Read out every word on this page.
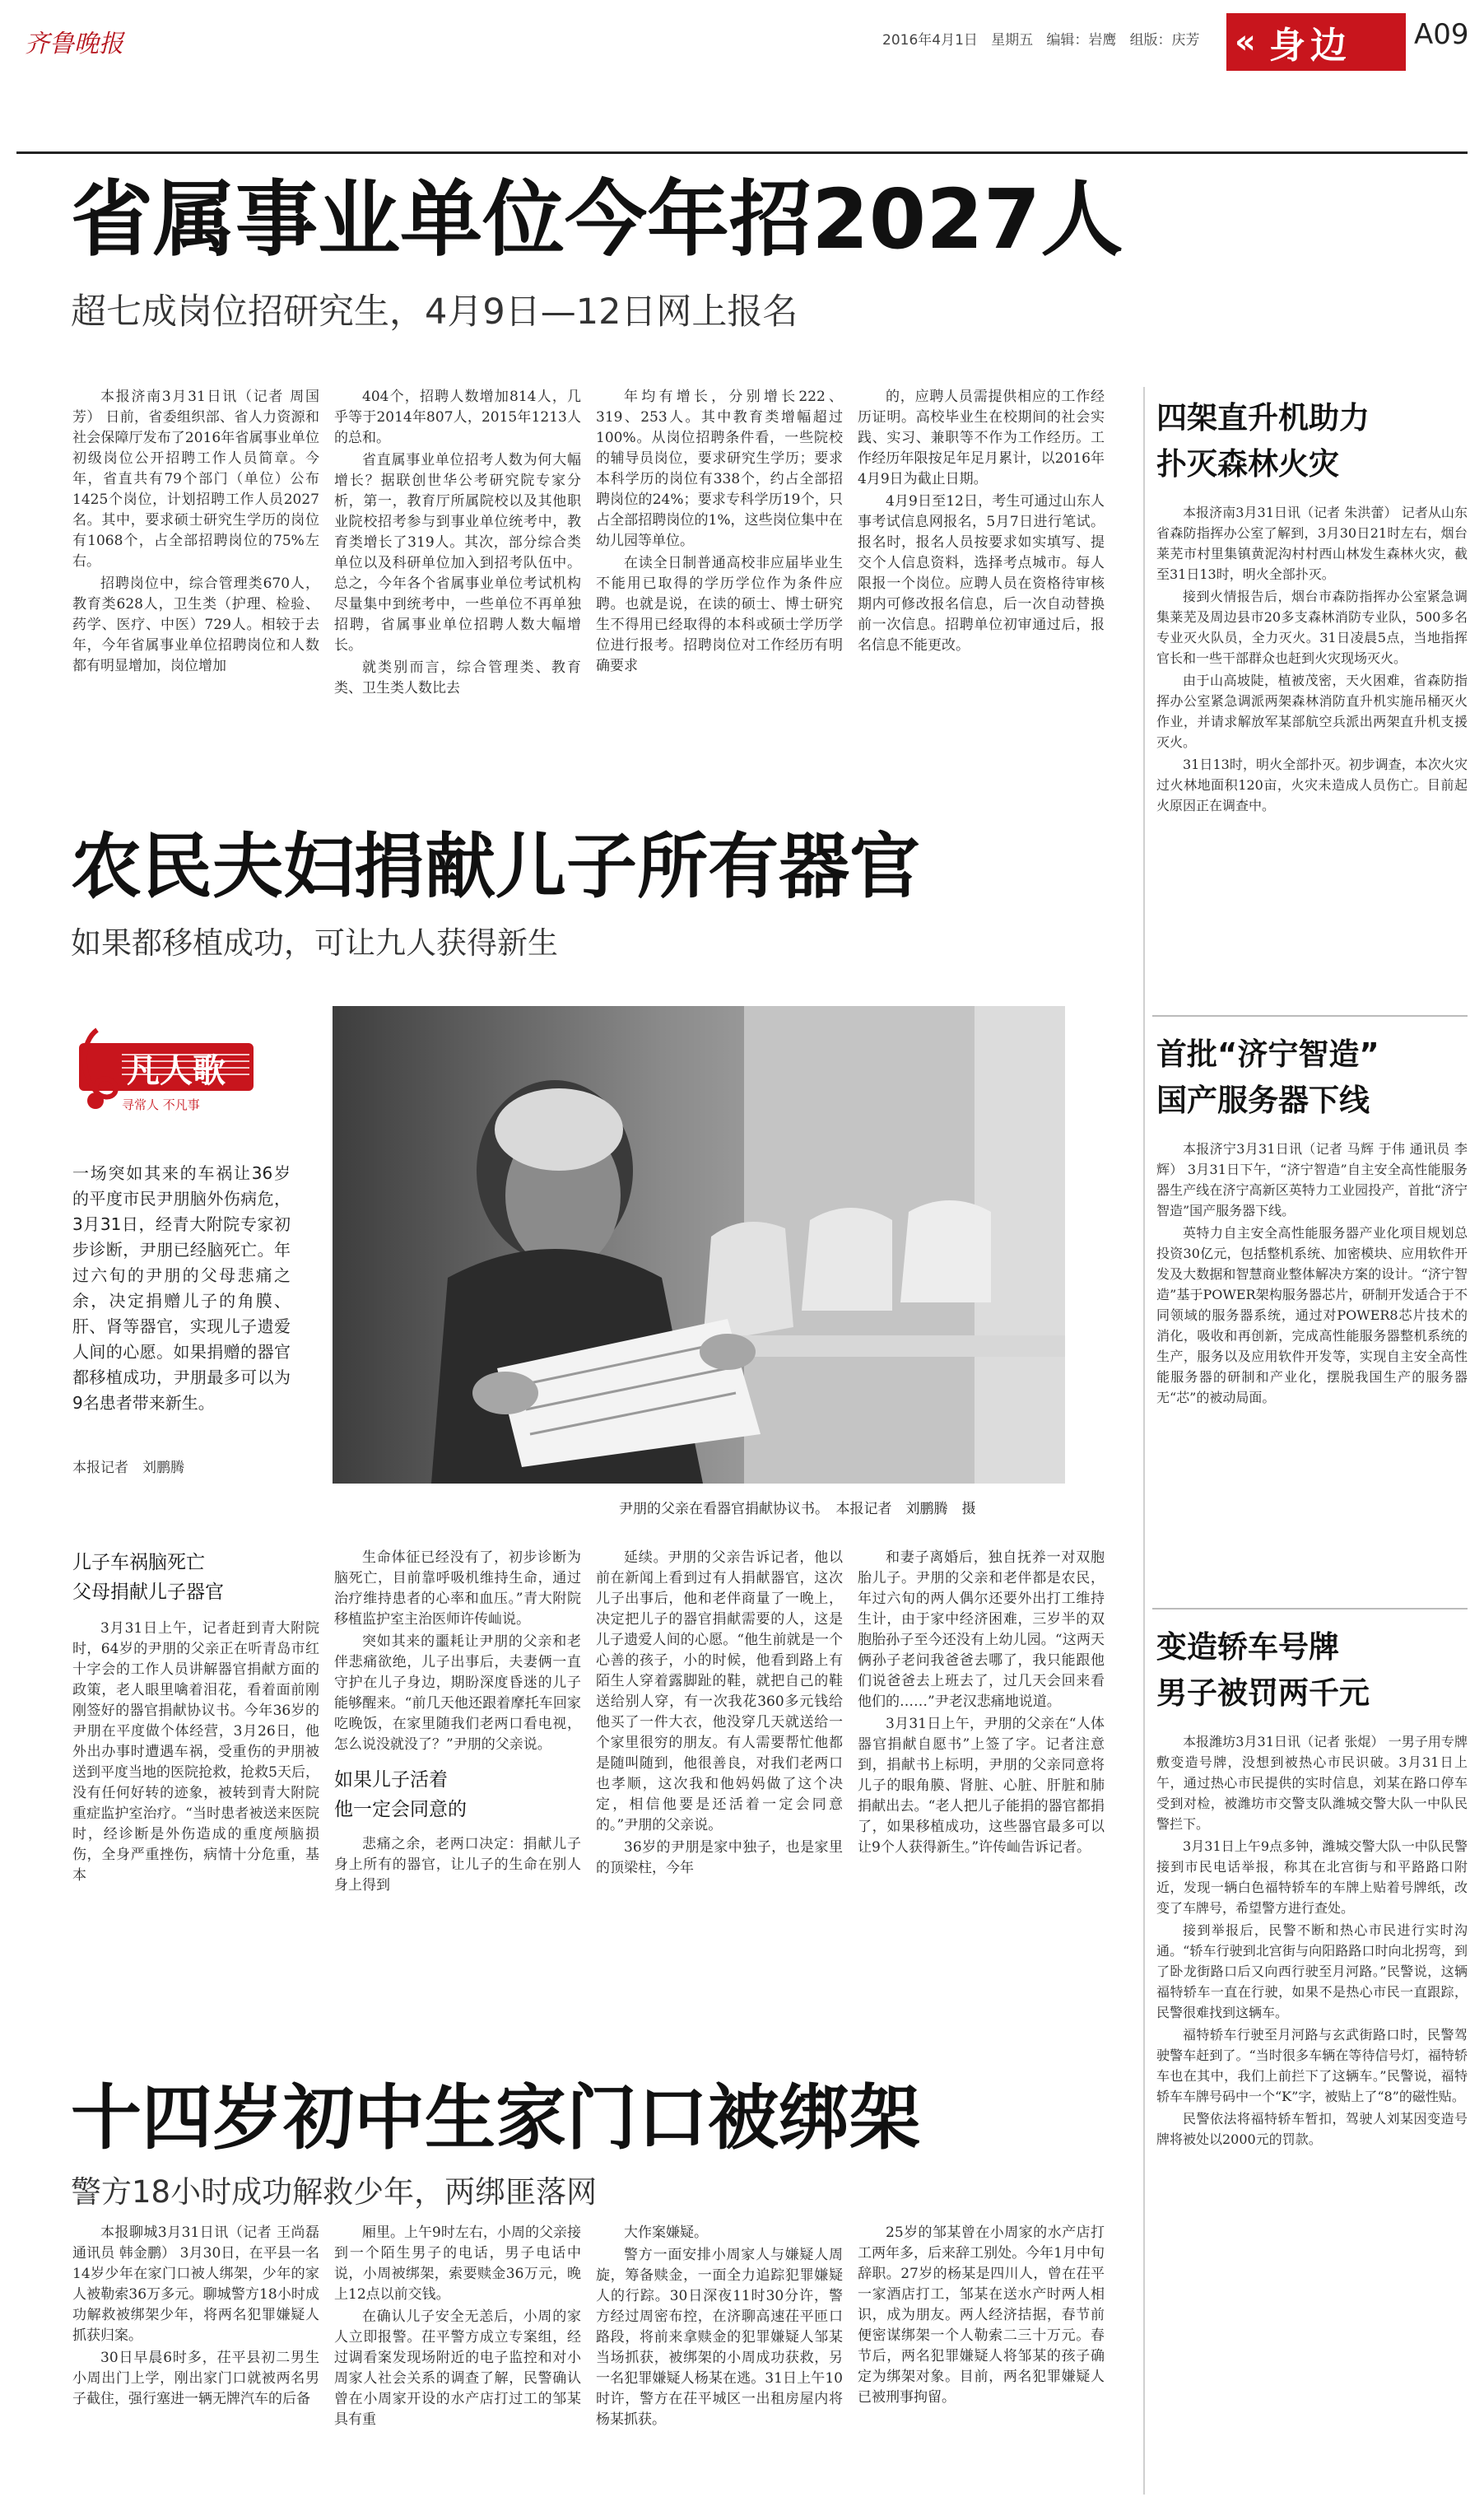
齐鲁晚报	2016年4月1日 星期五 编辑：岩鹰 组版：庆芳 « 身边 A09
省属事业单位今年招2027人
超七成岗位招研究生，4月9日—12日网上报名

本报济南3月31日讯（记者 周国芳） 日前，省委组织部、省人力资源和社会保障厅发布了2016年省属事业单位初级岗位公开招聘工作人员简章。今年，省直共有79个部门（单位）公布1425个岗位，计划招聘工作人员2027名。其中，要求硕士研究生学历的岗位有1068个，占全部招聘岗位的75%左右。

招聘岗位中，综合管理类670人，教育类628人，卫生类（护理、检验、药学、医疗、中医）729人。相较于去年，今年省属事业单位招聘岗位和人数都有明显增加，岗位增加

404个，招聘人数增加814人，几乎等于2014年807人，2015年1213人的总和。

省直属事业单位招考人数为何大幅增长？据联创世华公考研究院专家分析，第一，教育厅所属院校以及其他职业院校招考参与到事业单位统考中，教育类增长了319人。其次，部分综合类单位以及科研单位加入到招考队伍中。总之，今年各个省属事业单位考试机构尽量集中到统考中，一些单位不再单独招聘，省属事业单位招聘人数大幅增长。

就类别而言，综合管理类、教育类、卫生类人数比去

年均有增长，分别增长222、319、253人。其中教育类增幅超过100%。从岗位招聘条件看，一些院校的辅导员岗位，要求研究生学历；要求本科学历的岗位有338个，约占全部招聘岗位的24%；要求专科学历19个，只占全部招聘岗位的1%，这些岗位集中在幼儿园等单位。

在读全日制普通高校非应届毕业生不能用已取得的学历学位作为条件应聘。也就是说，在读的硕士、博士研究生不得用已经取得的本科或硕士学历学位进行报考。招聘岗位对工作经历有明确要求

的，应聘人员需提供相应的工作经历证明。高校毕业生在校期间的社会实践、实习、兼职等不作为工作经历。工作经历年限按足年足月累计，以2016年4月9日为截止日期。

4月9日至12日，考生可通过山东人事考试信息网报名，5月7日进行笔试。报名时，报名人员按要求如实填写、提交个人信息资料，选择考点城市。每人限报一个岗位。应聘人员在资格待审核期内可修改报名信息，后一次自动替换前一次信息。招聘单位初审通过后，报名信息不能更改。

农民夫妇捐献儿子所有器官
如果都移植成功，可让九人获得新生
凡人歌
寻常人 不凡事
一场突如其来的车祸让36岁的平度市民尹朋脑外伤病危，3月31日，经青大附院专家初步诊断，尹朋已经脑死亡。年过六旬的尹朋的父母悲痛之余，决定捐赠儿子的角膜、肝、肾等器官，实现儿子遗爱人间的心愿。如果捐赠的器官都移植成功，尹朋最多可以为9名患者带来新生。
本报记者　刘鹏腾
尹朋的父亲在看器官捐献协议书。　本报记者　刘鹏腾　摄
儿子车祸脑死亡
父母捐献儿子器官

3月31日上午，记者赶到青大附院时，64岁的尹朋的父亲正在听青岛市红十字会的工作人员讲解器官捐献方面的政策，老人眼里噙着泪花，看着面前刚刚签好的器官捐献协议书。今年36岁的尹朋在平度做个体经营，3月26日，他外出办事时遭遇车祸，受重伤的尹朋被送到平度当地的医院抢救，抢救5天后，没有任何好转的迹象，被转到青大附院重症监护室治疗。“当时患者被送来医院时，经诊断是外伤造成的重度颅脑损伤，全身严重挫伤，病情十分危重，基本

生命体征已经没有了，初步诊断为脑死亡，目前靠呼吸机维持生命，通过治疗维持患者的心率和血压。”青大附院移植监护室主治医师许传屾说。

突如其来的噩耗让尹朋的父亲和老伴悲痛欲绝，儿子出事后，夫妻俩一直守护在儿子身边，期盼深度昏迷的儿子能够醒来。“前几天他还跟着摩托车回家吃晚饭，在家里随我们老两口看电视，怎么说没就没了？”尹朋的父亲说。

如果儿子活着
他一定会同意的

悲痛之余，老两口决定：捐献儿子身上所有的器官，让儿子的生命在别人身上得到

延续。尹朋的父亲告诉记者，他以前在新闻上看到过有人捐献器官，这次儿子出事后，他和老伴商量了一晚上，决定把儿子的器官捐献需要的人，这是儿子遗爱人间的心愿。“他生前就是一个心善的孩子，小的时候，他看到路上有陌生人穿着露脚趾的鞋，就把自己的鞋送给别人穿，有一次我花360多元钱给他买了一件大衣，他没穿几天就送给一个家里很穷的朋友。有人需要帮忙他都是随叫随到，他很善良，对我们老两口也孝顺，这次我和他妈妈做了这个决定，相信他要是还活着一定会同意的。”尹朋的父亲说。

36岁的尹朋是家中独子，也是家里的顶梁柱，今年

和妻子离婚后，独自抚养一对双胞胎儿子。尹朋的父亲和老伴都是农民，年过六旬的两人偶尔还要外出打工维持生计，由于家中经济困难，三岁半的双胞胎孙子至今还没有上幼儿园。“这两天俩孙子老问我爸爸去哪了，我只能跟他们说爸爸去上班去了，过几天会回来看他们的……”尹老汉悲痛地说道。

3月31日上午，尹朋的父亲在“人体器官捐献自愿书”上签了字。记者注意到，捐献书上标明，尹朋的父亲同意将儿子的眼角膜、肾脏、心脏、肝脏和肺捐献出去。“老人把儿子能捐的器官都捐了，如果移植成功，这些器官最多可以让9个人获得新生。”许传屾告诉记者。

十四岁初中生家门口被绑架
警方18小时成功解救少年，两绑匪落网

本报聊城3月31日讯（记者 王尚磊 通讯员 韩金鹏） 3月30日，在平县一名14岁少年在家门口被人绑架，少年的家人被勒索36万多元。聊城警方18小时成功解救被绑架少年，将两名犯罪嫌疑人抓获归案。

30日早晨6时多，茌平县初二男生小周出门上学，刚出家门口就被两名男子截住，强行塞进一辆无牌汽车的后备

厢里。上午9时左右，小周的父亲接到一个陌生男子的电话，男子电话中说，小周被绑架，索要赎金36万元，晚上12点以前交钱。

在确认儿子安全无恙后，小周的家人立即报警。茌平警方成立专案组，经过调看案发现场附近的电子监控和对小周家人社会关系的调查了解，民警确认曾在小周家开设的水产店打过工的邹某具有重

大作案嫌疑。

警方一面安排小周家人与嫌疑人周旋，筹备赎金，一面全力追踪犯罪嫌疑人的行踪。30日深夜11时30分许，警方经过周密布控，在济聊高速茌平匝口路段，将前来拿赎金的犯罪嫌疑人邹某当场抓获，被绑架的小周成功获救，另一名犯罪嫌疑人杨某在逃。31日上午10时许，警方在茌平城区一出租房屋内将杨某抓获。

25岁的邹某曾在小周家的水产店打工两年多，后来辞工别处。今年1月中旬辞职。27岁的杨某是四川人，曾在茌平一家酒店打工，邹某在送水产时两人相识，成为朋友。两人经济拮据，春节前便密谋绑架一个人勒索二三十万元。春节后，两名犯罪嫌疑人将邹某的孩子确定为绑架对象。目前，两名犯罪嫌疑人已被刑事拘留。

四架直升机助力
扑灭森林火灾

本报济南3月31日讯（记者 朱洪蕾） 记者从山东省森防指挥办公室了解到，3月30日21时左右，烟台莱芜市村里集镇黄泥沟村村西山林发生森林火灾，截至31日13时，明火全部扑灭。

接到火情报告后，烟台市森防指挥办公室紧急调集莱芜及周边县市20多支森林消防专业队，500多名专业灭火队员，全力灭火。31日凌晨5点，当地指挥官长和一些干部群众也赶到火灾现场灭火。

由于山高坡陡，植被茂密，天火困难，省森防指挥办公室紧急调派两架森林消防直升机实施吊桶灭火作业，并请求解放军某部航空兵派出两架直升机支援灭火。

31日13时，明火全部扑灭。初步调查，本次火灾过火林地面积120亩，火灾未造成人员伤亡。目前起火原因正在调查中。

首批“济宁智造”
国产服务器下线

本报济宁3月31日讯（记者 马辉 于伟 通讯员 李辉） 3月31日下午，“济宁智造”自主安全高性能服务器生产线在济宁高新区英特力工业园投产，首批“济宁智造”国产服务器下线。

英特力自主安全高性能服务器产业化项目规划总投资30亿元，包括整机系统、加密模块、应用软件开发及大数据和智慧商业整体解决方案的设计。“济宁智造”基于POWER架构服务器芯片，研制开发适合于不同领域的服务器系统，通过对POWER8芯片技术的消化，吸收和再创新，完成高性能服务器整机系统的生产，服务以及应用软件开发等，实现自主安全高性能服务器的研制和产业化，摆脱我国生产的服务器无“芯”的被动局面。

变造轿车号牌
男子被罚两千元

本报潍坊3月31日讯（记者 张焜） 一男子用专牌敷变造号牌，没想到被热心市民识破。3月31日上午，通过热心市民提供的实时信息，刘某在路口停车受到对检，被潍坊市交警支队潍城交警大队一中队民警拦下。

3月31日上午9点多钟，潍城交警大队一中队民警接到市民电话举报，称其在北宫街与和平路路口附近，发现一辆白色福特轿车的车牌上贴着号牌纸，改变了车牌号，希望警方进行查处。

接到举报后，民警不断和热心市民进行实时沟通。“轿车行驶到北宫街与向阳路路口时向北拐弯，到了卧龙街路口后又向西行驶至月河路。”民警说，这辆福特轿车一直在行驶，如果不是热心市民一直跟踪，民警很难找到这辆车。

福特轿车行驶至月河路与玄武街路口时，民警驾驶警车赶到了。“当时很多车辆在等待信号灯，福特轿车也在其中，我们上前拦下了这辆车。”民警说，福特轿车车牌号码中一个“K”字，被贴上了“8”的磁性贴。

民警依法将福特轿车暂扣，驾驶人刘某因变造号牌将被处以2000元的罚款。
